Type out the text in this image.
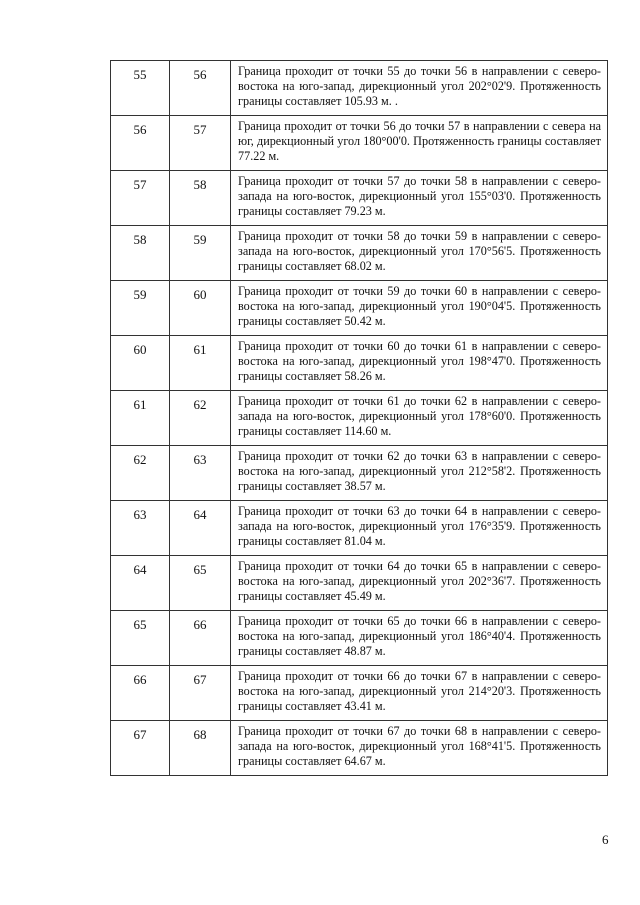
55	56	Граница проходит от точки 55 до точки 56 в направлении с северо-востока на юго-запад, дирекционный угол 202°02'9. Протяженность границы составляет 105.93 м. .
56	57	Граница проходит от точки 56 до точки 57 в направлении с севера на юг, дирекционный угол 180°00'0. Протяженность границы составляет 77.22 м.
57	58	Граница проходит от точки 57 до точки 58 в направлении с северо-запада на юго-восток, дирекционный угол 155°03'0. Протяженность границы составляет 79.23 м.
58	59	Граница проходит от точки 58 до точки 59 в направлении с северо-запада на юго-восток, дирекционный угол 170°56'5. Протяженность границы составляет 68.02 м.
59	60	Граница проходит от точки 59 до точки 60 в направлении с северо-востока на юго-запад, дирекционный угол 190°04'5. Протяженность границы составляет 50.42 м.
60	61	Граница проходит от точки 60 до точки 61 в направлении с северо-востока на юго-запад, дирекционный угол 198°47'0. Протяженность границы составляет 58.26 м.
61	62	Граница проходит от точки 61 до точки 62 в направлении с северо-запада на юго-восток, дирекционный угол 178°60'0. Протяженность границы составляет 114.60 м.
62	63	Граница проходит от точки 62 до точки 63 в направлении с северо-востока на юго-запад, дирекционный угол 212°58'2. Протяженность границы составляет 38.57 м.
63	64	Граница проходит от точки 63 до точки 64 в направлении с северо-запада на юго-восток, дирекционный угол 176°35'9. Протяженность границы составляет 81.04 м.
64	65	Граница проходит от точки 64 до точки 65 в направлении с северо-востока на юго-запад, дирекционный угол 202°36'7. Протяженность границы составляет 45.49 м.
65	66	Граница проходит от точки 65 до точки 66 в направлении с северо-востока на юго-запад, дирекционный угол 186°40'4. Протяженность границы составляет 48.87 м.
66	67	Граница проходит от точки 66 до точки 67 в направлении с северо-востока на юго-запад, дирекционный угол 214°20'3. Протяженность границы составляет 43.41 м.
67	68	Граница проходит от точки 67 до точки 68 в направлении с северо-запада на юго-восток, дирекционный угол 168°41'5. Протяженность границы составляет 64.67 м.
6
